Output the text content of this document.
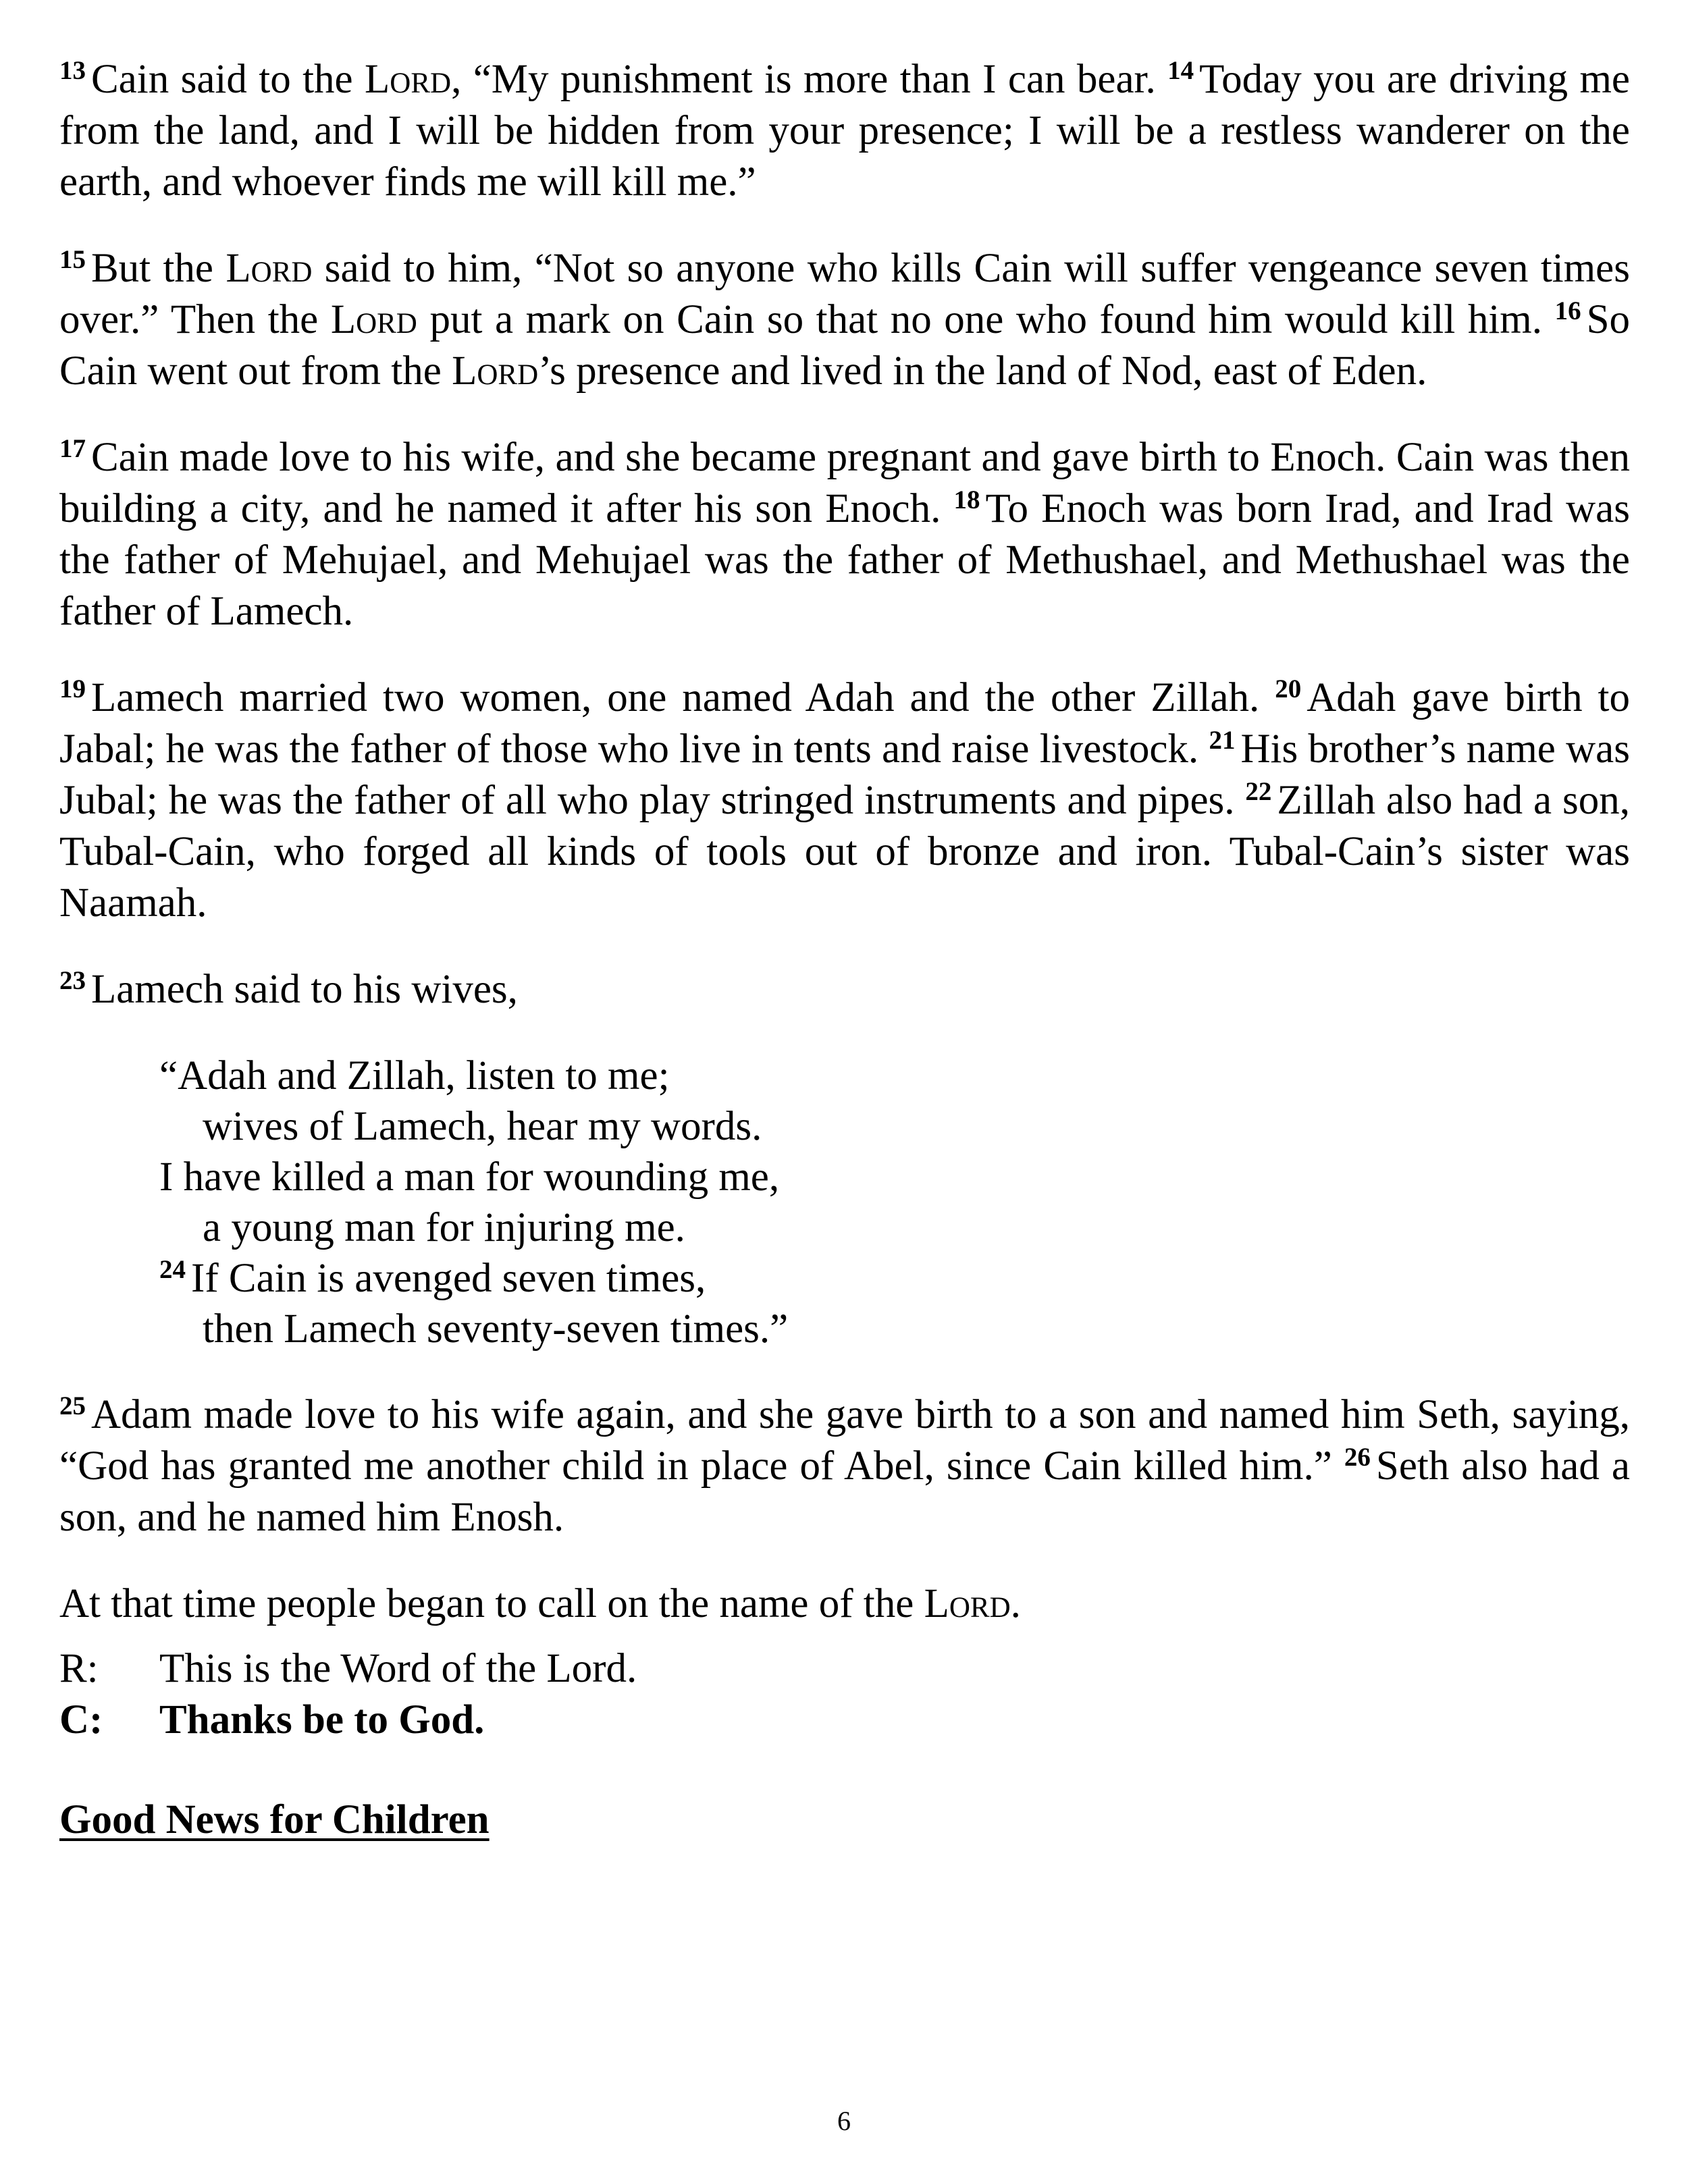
$^{13}$ Cain said to the Lord, “My punishment is more than I can bear. $^{14}$ Today you are driving me from the land, and I will be hidden from your presence; I will be a restless wanderer on the earth, and whoever finds me will kill me.”

$^{15}$ But the Lord said to him, “Not so anyone who kills Cain will suffer vengeance seven times over.” Then the Lord put a mark on Cain so that no one who found him would kill him. $^{16}$ So Cain went out from the Lord’s presence and lived in the land of Nod, east of Eden.

$^{17}$ Cain made love to his wife, and she became pregnant and gave birth to Enoch. Cain was then building a city, and he named it after his son Enoch. $^{18}$ To Enoch was born Irad, and Irad was the father of Mehujael, and Mehujael was the father of Methushael, and Methushael was the father of Lamech.

$^{19}$ Lamech married two women, one named Adah and the other Zillah. $^{20}$ Adah gave birth to Jabal; he was the father of those who live in tents and raise livestock. $^{21}$ His brother’s name was Jubal; he was the father of all who play stringed instruments and pipes. $^{22}$ Zillah also had a son, Tubal-Cain, who forged all kinds of tools out of bronze and iron. Tubal-Cain’s sister was Naamah.

$^{23}$ Lamech said to his wives,

“Adah and Zillah, listen to me;
wives of Lamech, hear my words.
I have killed a man for wounding me,
a young man for injuring me.
$^{24}$ If Cain is avenged seven times,
then Lamech seventy-seven times.”

$^{25}$ Adam made love to his wife again, and she gave birth to a son and named him Seth, saying, “God has granted me another child in place of Abel, since Cain killed him.” $^{26}$ Seth also had a son, and he named him Enosh.

At that time people began to call on the name of the Lord.

R:	This is the Word of the Lord.
C:	Thanks be to God.
Good News for Children
6
